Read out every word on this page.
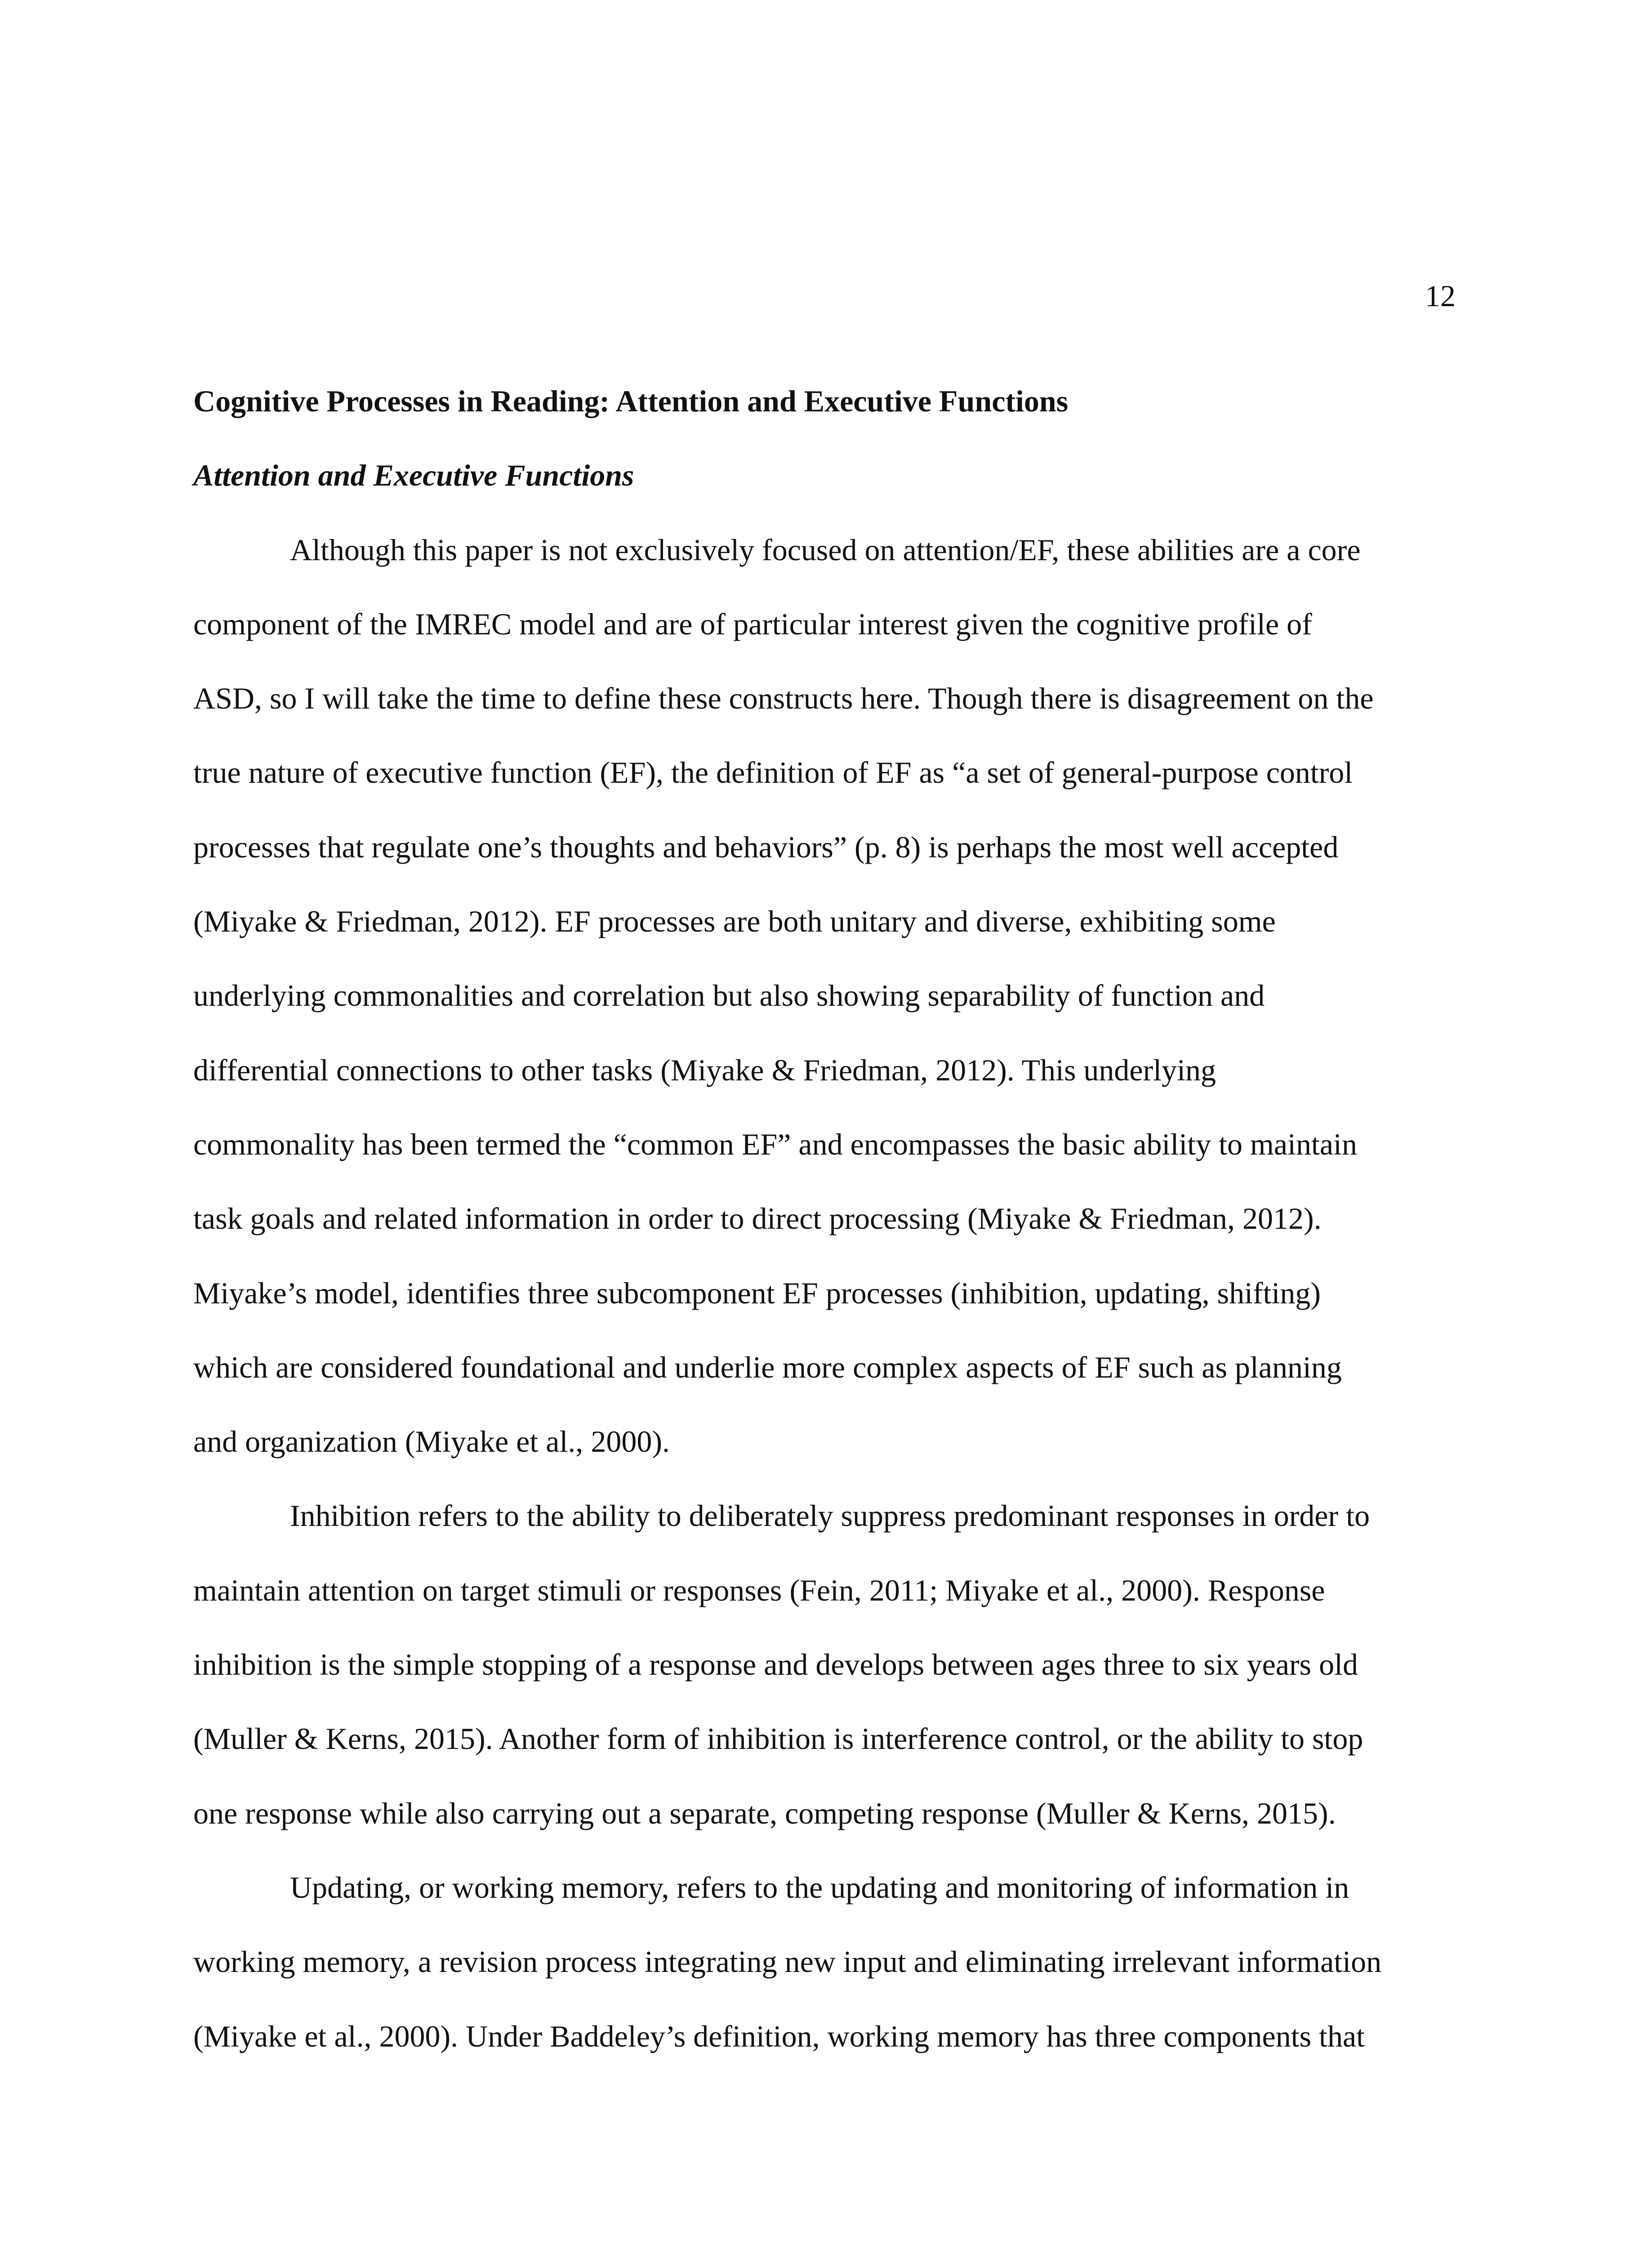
12
Cognitive Processes in Reading: Attention and Executive Functions
Attention and Executive Functions

Although this paper is not exclusively focused on attention/EF, these abilities are a core
component of the IMREC model and are of particular interest given the cognitive profile of
ASD, so I will take the time to define these constructs here. Though there is disagreement on the
true nature of executive function (EF), the definition of EF as “a set of general-purpose control
processes that regulate one’s thoughts and behaviors” (p. 8) is perhaps the most well accepted
(Miyake & Friedman, 2012). EF processes are both unitary and diverse, exhibiting some
underlying commonalities and correlation but also showing separability of function and
differential connections to other tasks (Miyake & Friedman, 2012). This underlying
commonality has been termed the “common EF” and encompasses the basic ability to maintain
task goals and related information in order to direct processing (Miyake & Friedman, 2012).
Miyake’s model, identifies three subcomponent EF processes (inhibition, updating, shifting)
which are considered foundational and underlie more complex aspects of EF such as planning
and organization (Miyake et al., 2000).

Inhibition refers to the ability to deliberately suppress predominant responses in order to
maintain attention on target stimuli or responses (Fein, 2011; Miyake et al., 2000). Response
inhibition is the simple stopping of a response and develops between ages three to six years old
(Muller & Kerns, 2015). Another form of inhibition is interference control, or the ability to stop
one response while also carrying out a separate, competing response (Muller & Kerns, 2015).

Updating, or working memory, refers to the updating and monitoring of information in
working memory, a revision process integrating new input and eliminating irrelevant information
(Miyake et al., 2000). Under Baddeley’s definition, working memory has three components that
